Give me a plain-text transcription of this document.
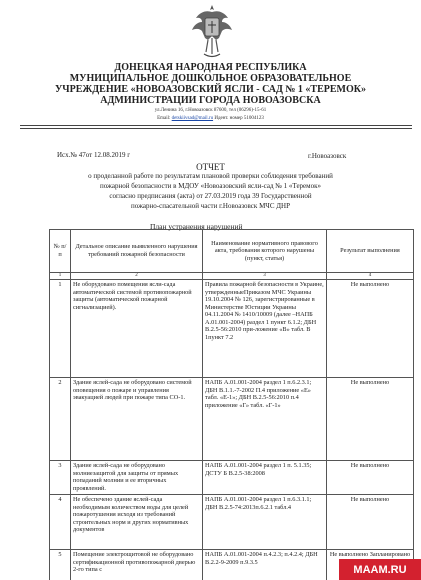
ДОНЕЦКАЯ НАРОДНАЯ РЕСПУБЛИКА
МУНИЦИПАЛЬНОЕ ДОШКОЛЬНОЕ ОБРАЗОВАТЕЛЬНОЕ
УЧРЕЖДЕНИЕ «НОВОАЗОВСКИЙ ЯСЛИ - САД № 1 «ТЕРЕМОК»
АДМИНИСТРАЦИИ ГОРОДА НОВОАЗОВСКА
ул.Ленина 16, г.Новоазовск 87600, тел (06296)-15-61
Email: detskiivsad@mail.ru Идент. номер 51004123
Исх.№ 47от 12.08.2019 г	г.Новоазовск
ОТЧЕТ
о проделанной работе по результатам плановой проверки соблюдения требований
пожарной безопасности в МДОУ «Новоазовский ясли-сад № 1 «Теремок»
согласно предписания (акта) от 27.03.2019 года 39 Государственной
пожарно-спасательной части г.Новоазовск МЧС ДНР
План устранения нарушений
№ п/п	Детальное описание выявленного нарушения требований пожарной безопасности	Наименование нормативного правового акта, требования которого нарушены (пункт, статья)	Результат выполнения
1	2	3	4
1	Не оборудовано помещения ясли-сада автоматической системой противопожарной защиты (автоматической пожарной сигнализацией).	Правила пожарной безопасности в Украине, утвержденныеПриказом МЧС Украины 19.10.2004 № 126, зарегистрированные в Министерстве Юстиции Украины 04.11.2004 № 1410/10009 (далее –НАПБ А.01.001-2004) раздел 1 пункт 6.1.2; ДБН В.2.5-56:2010 при-ложение «В» табл. В 1пункт 7.2	Не выполнено
2	Здание яслей-сада не оборудовано системой оповещения о пожаре и управления эвакуацией людей при пожаре типа СО-1.	НАПБ А.01.001-2004 раздел 1 п.6.2.3.1; ДБН В.1.1.-7-2002 П.4 приложение «Е» табл. «Е-1»; ДБН В.2.5-56:2010 п.4 приложение «Г» табл. «Г-1»	Не выполнено
3	Здание яслей-сада не оборудовано молниезащитой для защиты от прямых попаданий молнии и ее вторичных проявлений.	НАПБ А.01.001-2004 раздел 1 п. 5.1.35; ДСТУ Б В.2.5-38:2008	Не выполнено
4	Не обеспечено здание яслей-сада необходимым количеством воды для целей пожаротушения исходя из требований строительных норм и других нормативных документов	НАПБ А.01.001-2004 раздел 1 п.6.3.1.1; ДБН В.2.5-74:2013п.6.2.1 табл.4	Не выполнено
5	Помещение электрощитовой не оборудовано сертификационной противопожарной дверью 2-го типа с	НАПБ А.01.001-2004 п.4.2.3; п.4.2.4; ДБН В.2.2-9-2009 п.9.3.5	Не выполнено Запланировано
MAAM.RU
